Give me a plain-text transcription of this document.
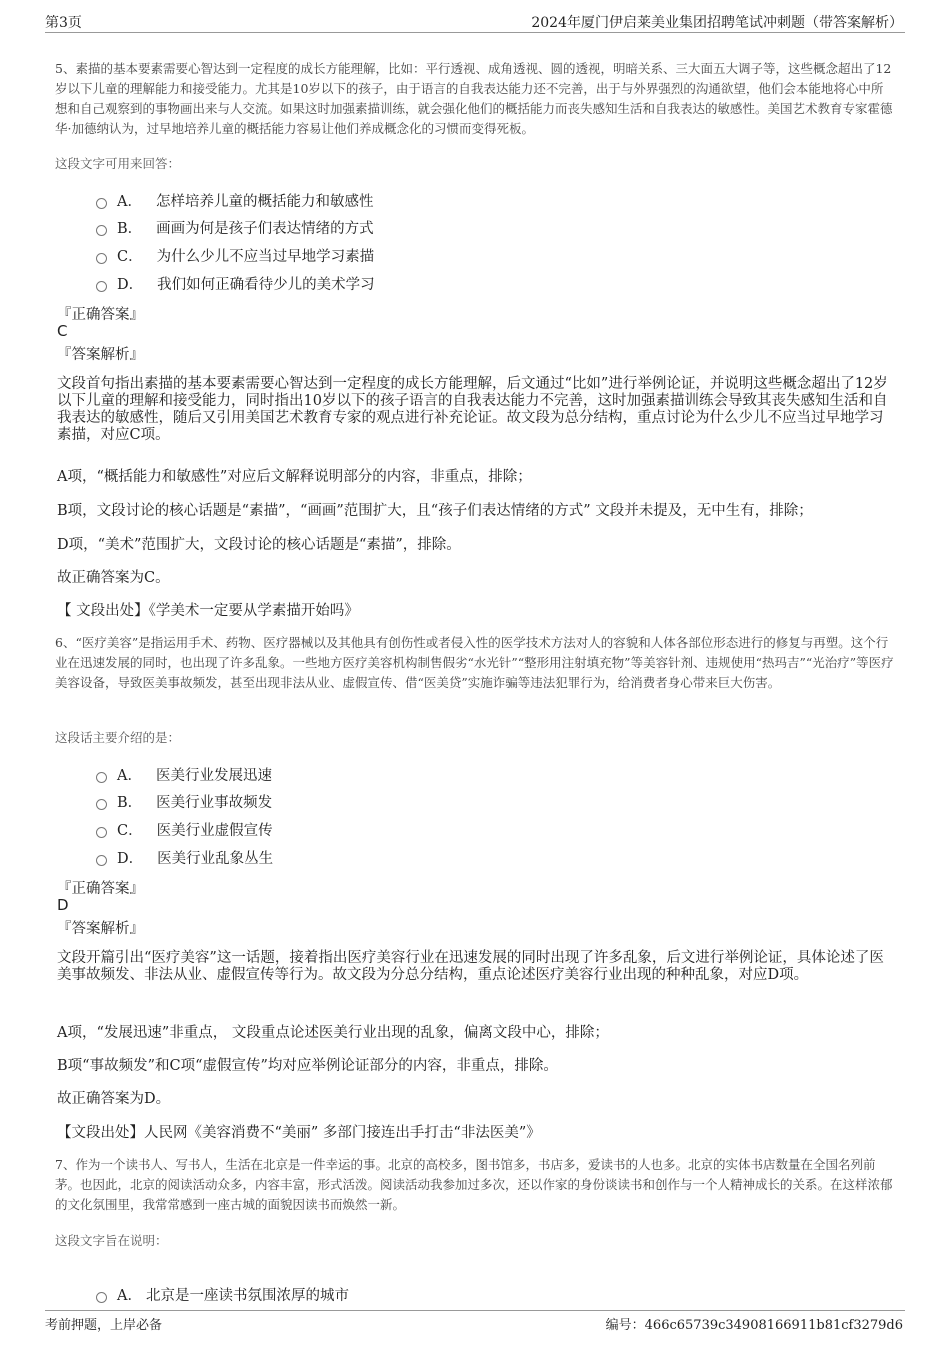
第3页	2024年厦门伊启莱美业集团招聘笔试冲刺题（带答案解析）

5、素描的基本要素需要心智达到一定程度的成长方能理解，比如：平行透视、成角透视、圆的透视，明暗关系、三大面五大调子等，这些概念超出了12岁以下儿童的理解能力和接受能力。尤其是10岁以下的孩子，由于语言的自我表达能力还不完善，出于与外界强烈的沟通欲望，他们会本能地将心中所想和自己观察到的事物画出来与人交流。如果这时加强素描训练，就会强化他们的概括能力而丧失感知生活和自我表达的敏感性。美国艺术教育专家霍德华·加德纳认为，过早地培养儿童的概括能力容易让他们养成概念化的习惯而变得死板。

这段文字可用来回答：

A． 怎样培养儿童的概括能力和敏感性
B． 画画为何是孩子们表达情绪的方式
C． 为什么少儿不应当过早地学习素描
D． 我们如何正确看待少儿的美术学习
『正确答案』
C
『答案解析』

文段首句指出素描的基本要素需要心智达到一定程度的成长方能理解，后文通过“比如”进行举例论证，并说明这些概念超出了12岁以下儿童的理解和接受能力，同时指出10岁以下的孩子语言的自我表达能力不完善，这时加强素描训练会导致其丧失感知生活和自我表达的敏感性，随后又引用美国艺术教育专家的观点进行补充论证。故文段为总分结构，重点讨论为什么少儿不应当过早地学习素描，对应C项。

A项，“概括能力和敏感性”对应后文解释说明部分的内容，非重点，排除；
B项，文段讨论的核心话题是“素描”，“画画”范围扩大，且“孩子们表达情绪的方式” 文段并未提及，无中生有，排除；
D项，“美术”范围扩大，文段讨论的核心话题是“素描”，排除。
故正确答案为C。
【 文段出处】《学美术一定要从学素描开始吗》

6、“医疗美容”是指运用手术、药物、医疗器械以及其他具有创伤性或者侵入性的医学技术方法对人的容貌和人体各部位形态进行的修复与再塑。这个行业在迅速发展的同时，也出现了许多乱象。一些地方医疗美容机构制售假劣“水光针”“整形用注射填充物”等美容针剂、违规使用“热玛吉”“光治疗”等医疗美容设备，导致医美事故频发，甚至出现非法从业、虚假宣传、借“医美贷”实施诈骗等违法犯罪行为，给消费者身心带来巨大伤害。

这段话主要介绍的是：

A． 医美行业发展迅速
B． 医美行业事故频发
C． 医美行业虚假宣传
D． 医美行业乱象丛生
『正确答案』
D
『答案解析』

文段开篇引出“医疗美容”这一话题，接着指出医疗美容行业在迅速发展的同时出现了许多乱象，后文进行举例论证，具体论述了医美事故频发、非法从业、虚假宣传等行为。故文段为分总分结构，重点论述医疗美容行业出现的种种乱象，对应D项。

A项，“发展迅速”非重点， 文段重点论述医美行业出现的乱象，偏离文段中心，排除；
B项“事故频发”和C项“虚假宣传”均对应举例论证部分的内容，非重点，排除。
故正确答案为D。
【文段出处】人民网《美容消费不“美丽” 多部门接连出手打击“非法医美”》

7、作为一个读书人、写书人，生活在北京是一件幸运的事。北京的高校多，图书馆多，书店多，爱读书的人也多。北京的实体书店数量在全国名列前茅。也因此，北京的阅读活动众多，内容丰富，形式活泼。阅读活动我参加过多次，还以作家的身份谈读书和创作与一个人精神成长的关系。在这样浓郁的文化氛围里，我常常感到一座古城的面貌因读书而焕然一新。

这段文字旨在说明：

A． 北京是一座读书氛围浓厚的城市
考前押题，上岸必备	编号：466c65739c34908166911b81cf3279d6
